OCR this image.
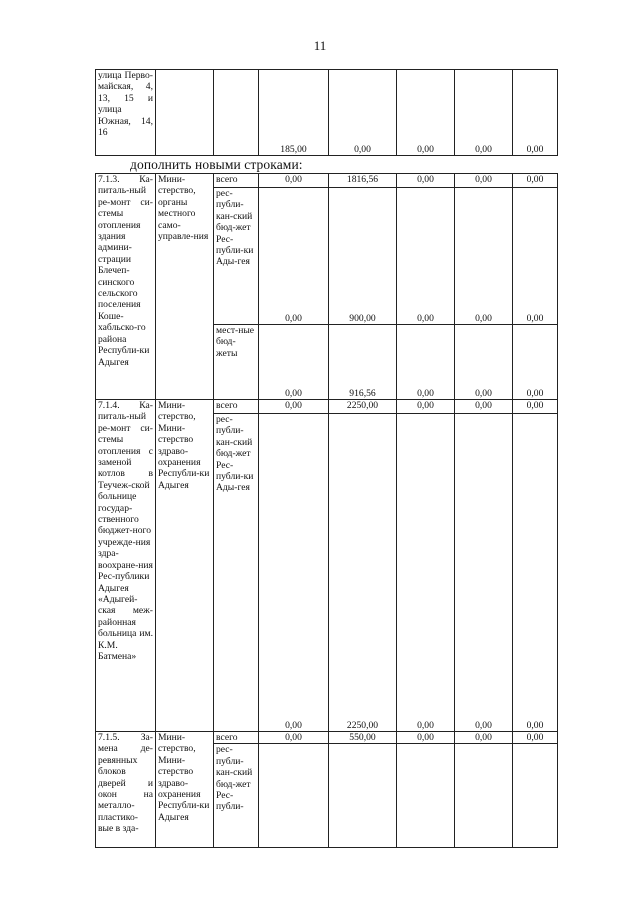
11
улица Перво-майская, 4, 13, 15 и улица Южная, 14, 16			185,00	0,00	0,00	0,00	0,00
дополнить новыми строками:
7.1.3. Ка-питаль-ный ре-монт си-стемы отопления здания админи-страции Блечеп-синского сельского поселения Коше-хабльско-го района Республи-ки Адыгея	Мини-стерство, органы местного само-управле-ния	всего	0,00	1816,56	0,00	0,00	0,00
		рес-публи-кан-ский бюд-жет Рес-публи-ки Ады-гея	0,00	900,00	0,00	0,00	0,00
		мест-ные бюд-жеты	0,00	916,56	0,00	0,00	0,00
7.1.4. Ка-питаль-ный ре-монт си-стемы отопления с заменой котлов в Теучеж-ской больнице государ-ственного бюджет-ного учрежде-ния здра-воохране-ния Рес-публики Адыгея «Адыгей-ская меж-районная больница им. К.М. Батмена»	Мини-стерство, Мини-стерство здраво-охранения Республи-ки Адыгея	всего	0,00	2250,00	0,00	0,00	0,00
		рес-публи-кан-ский бюд-жет Рес-публи-ки Ады-гея	0,00	2250,00	0,00	0,00	0,00
7.1.5. За-мена де-ревянных блоков дверей и окон на металло-пластико-вые в зда-	Мини-стерство, Мини-стерство здраво-охранения Республи-ки Адыгея	всего	0,00	550,00	0,00	0,00	0,00
		рес-публи-кан-ский бюд-жет Рес-публи-					
